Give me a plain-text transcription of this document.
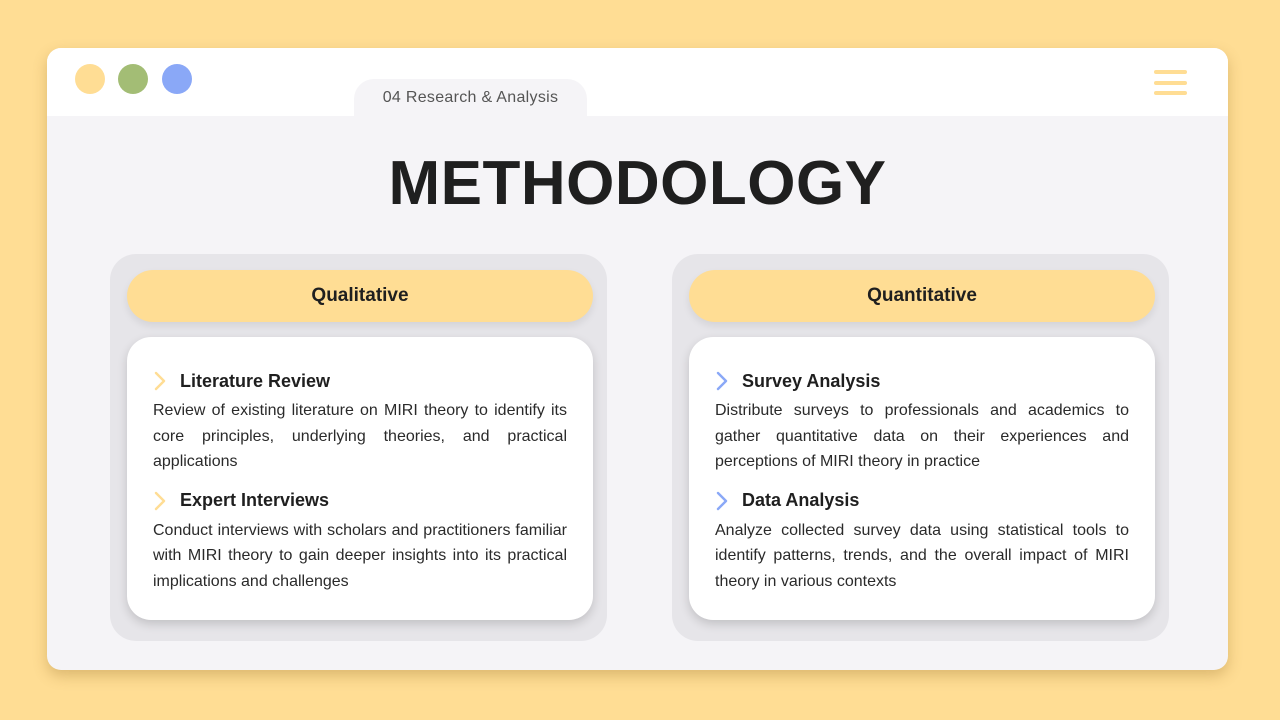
04 Research & Analysis
METHODOLOGY
Qualitative
Literature Review

Review of existing literature on MIRI theory to identify its core principles, underlying theories, and practical applications

Expert Interviews

Conduct interviews with scholars and practitioners familiar with MIRI theory to gain deeper insights into its practical implications and challenges

Quantitative
Survey Analysis

Distribute surveys to professionals and academics to gather quantitative data on their experiences and perceptions of MIRI theory in practice

Data Analysis

Analyze collected survey data using statistical tools to identify patterns, trends, and the overall impact of MIRI theory in various contexts
